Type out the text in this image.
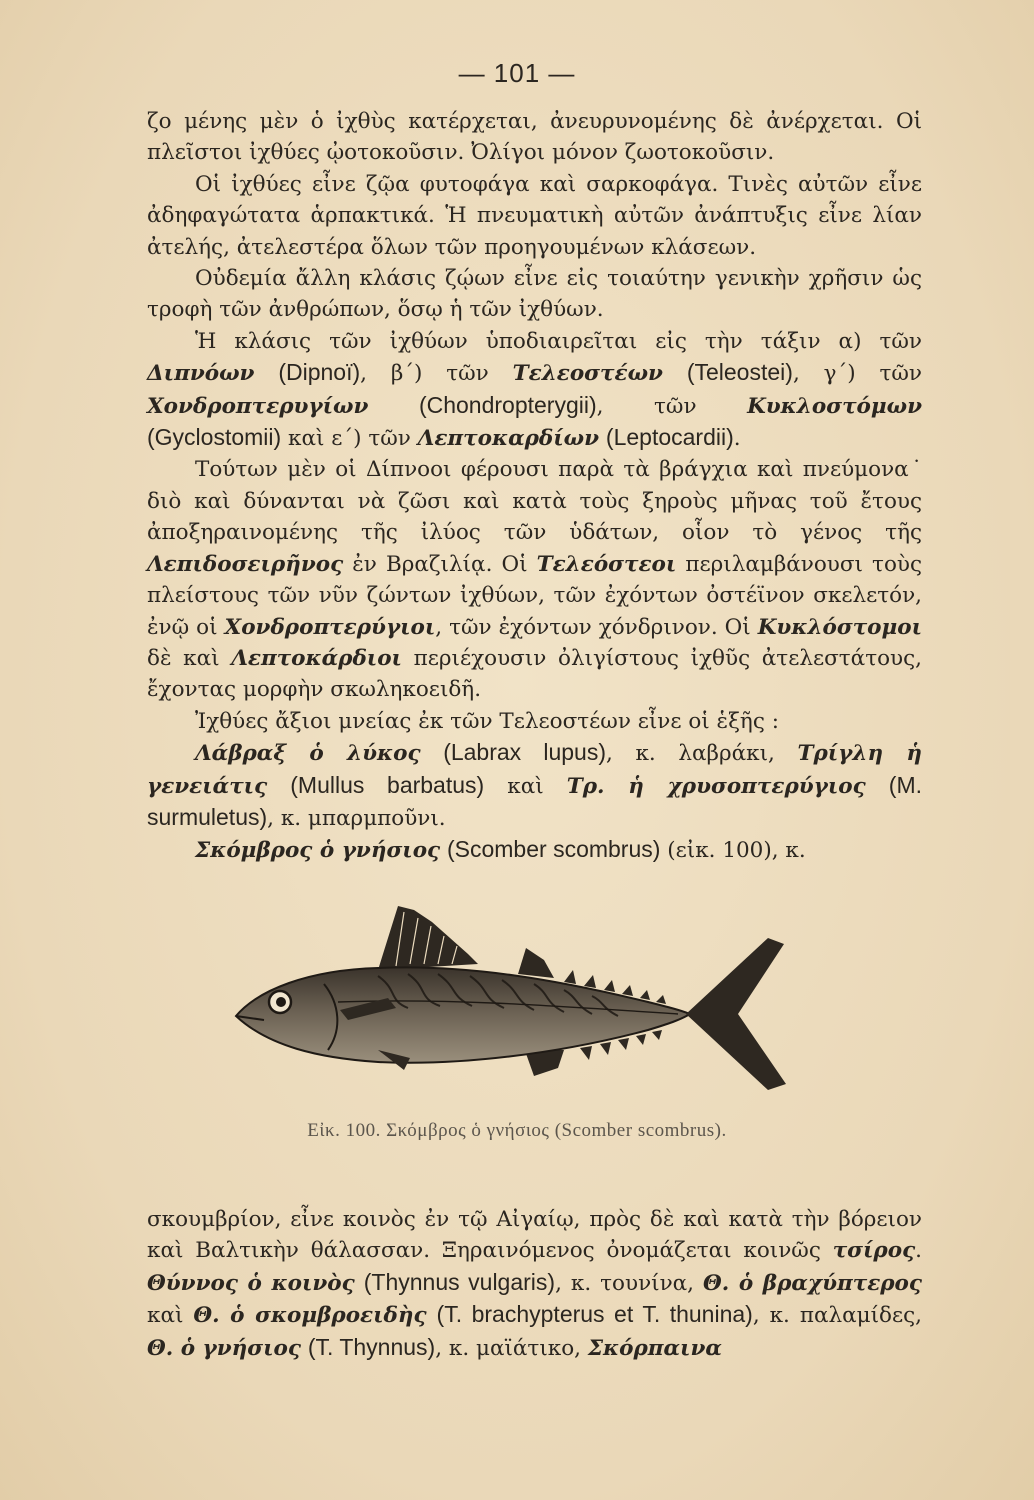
— 101 —

ζο μένης μὲν ὁ ἰχθὺς κατέρχεται, ἀνευρυνομένης δὲ ἀνέρχεται. Οἱ πλεῖστοι ἰχθύες ᾠοτοκοῦσιν. Ὀλίγοι μόνον ζωοτοκοῦσιν.

Οἱ ἰχθύες εἶνε ζῷα φυτοφάγα καὶ σαρκοφάγα. Τινὲς αὐτῶν εἶνε ἀδηφαγώτατα ἁρπακτικά. Ἡ πνευματικὴ αὐτῶν ἀνάπτυξις εἶνε λίαν ἀτελής, ἀτελεστέρα ὅλων τῶν προηγουμένων κλάσεων.

Οὐδεμία ἄλλη κλάσις ζῴων εἶνε εἰς τοιαύτην γενικὴν χρῆσιν ὡς τροφὴ τῶν ἀνθρώπων, ὅσῳ ἡ τῶν ἰχθύων.

Ἡ κλάσις τῶν ἰχθύων ὑποδιαιρεῖται εἰς τὴν τάξιν α) τῶν Διπνόων (Dipnoï), β΄) τῶν Τελεοστέων (Teleostei), γ΄) τῶν Χονδροπτερυγίων (Chondropterygii), τῶν Κυκλοστόμων (Gyclostomii) καὶ ε΄) τῶν Λεπτοκαρδίων (Leptocardii).

Τούτων μὲν οἱ Δίπνοοι φέρουσι παρὰ τὰ βράγχια καὶ πνεύμονα˙ διὸ καὶ δύνανται νὰ ζῶσι καὶ κατὰ τοὺς ξηροὺς μῆνας τοῦ ἔτους ἀποξηραινομένης τῆς ἰλύος τῶν ὑδάτων, οἷον τὸ γένος τῆς Λεπιδοσειρῆνος ἐν Βραζιλίᾳ. Οἱ Τελεόστεοι περιλαμβάνουσι τοὺς πλείστους τῶν νῦν ζώντων ἰχθύων, τῶν ἐχόντων ὀστέϊνον σκελετόν, ἐνῷ οἱ Χονδροπτερύγιοι, τῶν ἐχόντων χόνδρινον. Οἱ Κυκλόστομοι δὲ καὶ Λεπτοκάρδιοι περιέχουσιν ὀλιγίστους ἰχθῦς ἀτελεστάτους, ἔχοντας μορφὴν σκωληκοειδῆ.

Ἰχθύες ἄξιοι μνείας ἐκ τῶν Τελεοστέων εἶνε οἱ ἑξῆς :

Λάβραξ ὁ λύκος (Labrax lupus), κ. λαβράκι, Τρίγλη ἡ γενειάτις (Mullus barbatus) καὶ Τρ. ἡ χρυσοπτερύγιος (M. surmuletus), κ. μπαρμποῦνι.

Σκόμβρος ὁ γνήσιος (Scomber scombrus) (εἰκ. 100), κ.

Εἰκ. 100. Σκόμβρος ὁ γνήσιος (Scomber scombrus).

σκουμβρίον, εἶνε κοινὸς ἐν τῷ Αἰγαίῳ, πρὸς δὲ καὶ κατὰ τὴν βόρειον καὶ Βαλτικὴν θάλασσαν. Ξηραινόμενος ὀνομάζεται κοινῶς τσίρος. Θύννος ὁ κοινὸς (Thynnus vulgaris), κ. τουνίνα, Θ. ὁ βραχύπτερος καὶ Θ. ὁ σκομβροειδὴς (T. brachypterus et T. thunina), κ. παλαμίδες, Θ. ὁ γνήσιος (T. Thynnus), κ. μαϊάτικο, Σκόρπαινα
